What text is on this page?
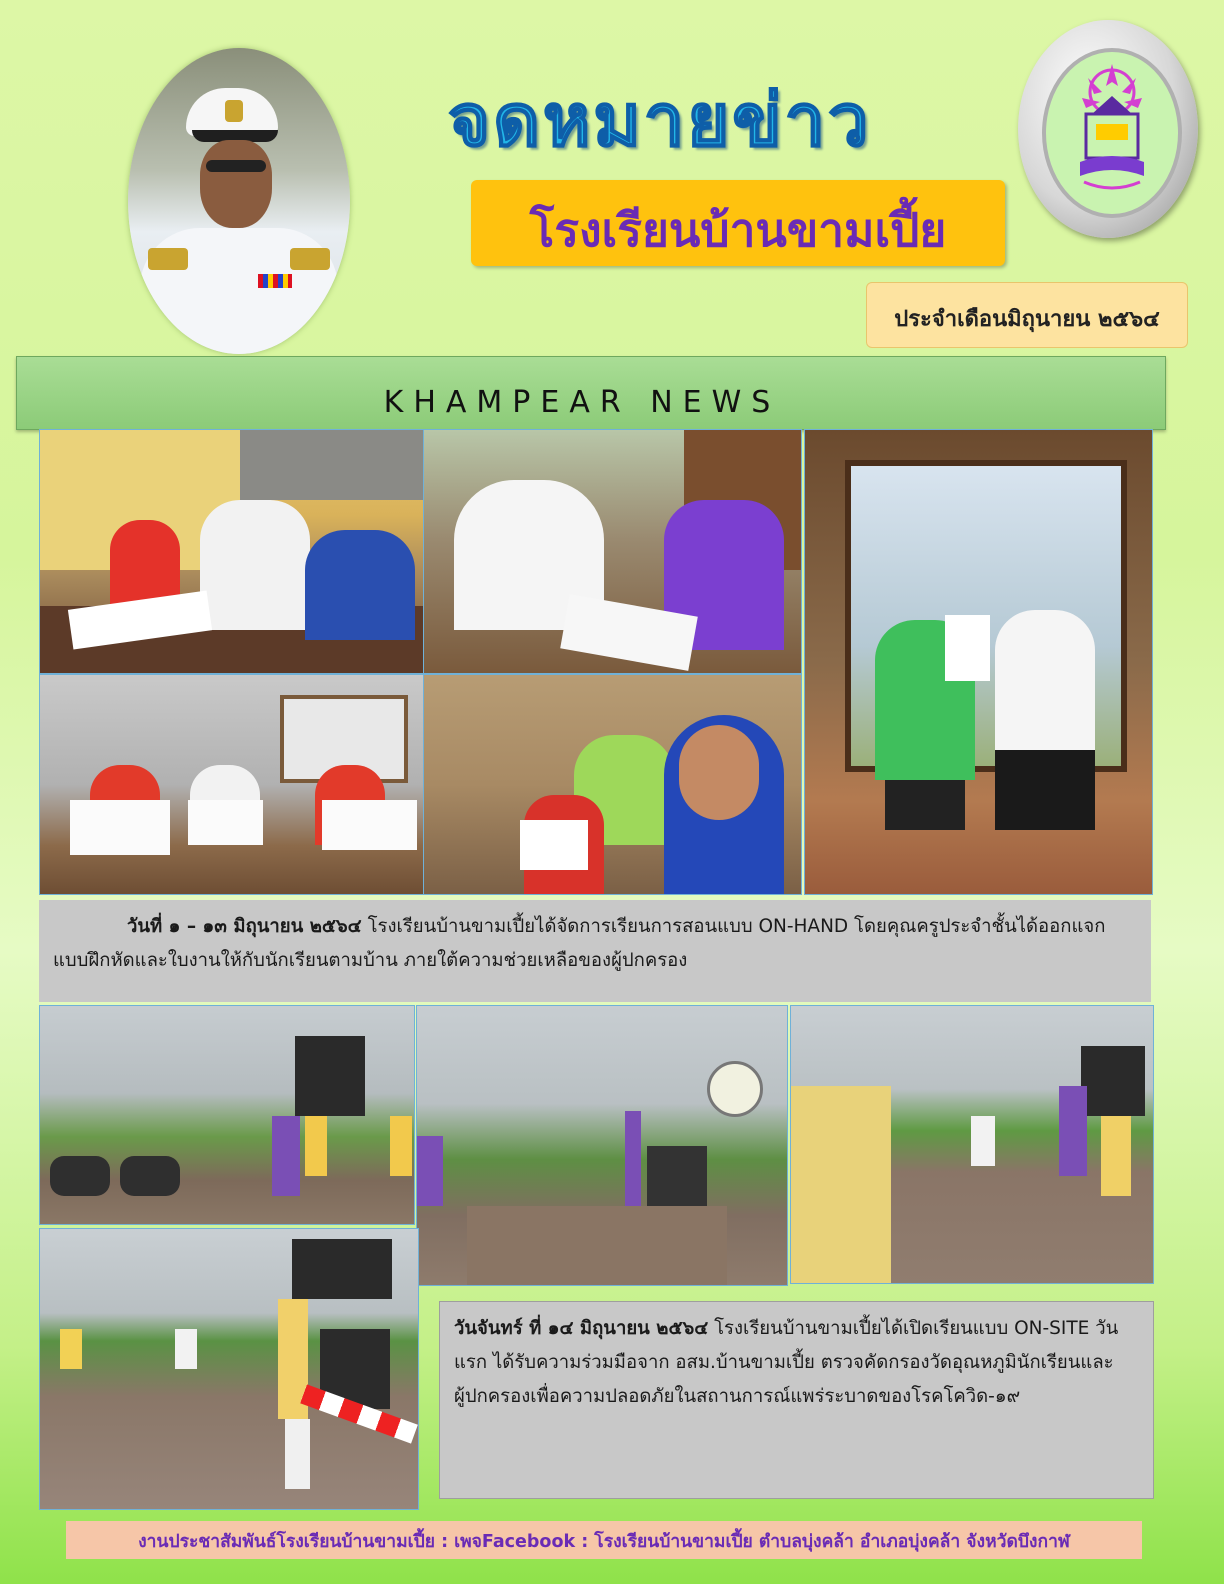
จดหมายข่าว
โรงเรียนบ้านขามเปี้ย
ประจำเดือนมิถุนายน ๒๕๖๔
KHAMPEAR NEWS
วันที่ ๑ – ๑๓ มิถุนายน ๒๕๖๔ โรงเรียนบ้านขามเปี้ยได้จัดการเรียนการสอนแบบ ON-HAND โดยคุณครูประจำชั้นได้ออกแจกแบบฝึกหัดและใบงานให้กับนักเรียนตามบ้าน ภายใต้ความช่วยเหลือของผู้ปกครอง
วันจันทร์ ที่ ๑๔ มิถุนายน ๒๕๖๔ โรงเรียนบ้านขามเปี้ยได้เปิดเรียนแบบ ON-SITE วันแรก ได้รับความร่วมมือจาก อสม.บ้านขามเปี้ย ตรวจคัดกรองวัดอุณหภูมินักเรียนและผู้ปกครองเพื่อความปลอดภัยในสถานการณ์แพร่ระบาดของโรคโควิด-๑๙
งานประชาสัมพันธ์โรงเรียนบ้านขามเปี้ย : เพจFacebook : โรงเรียนบ้านขามเปี้ย ตำบลบุ่งคล้า อำเภอบุ่งคล้า จังหวัดบึงกาฬ
